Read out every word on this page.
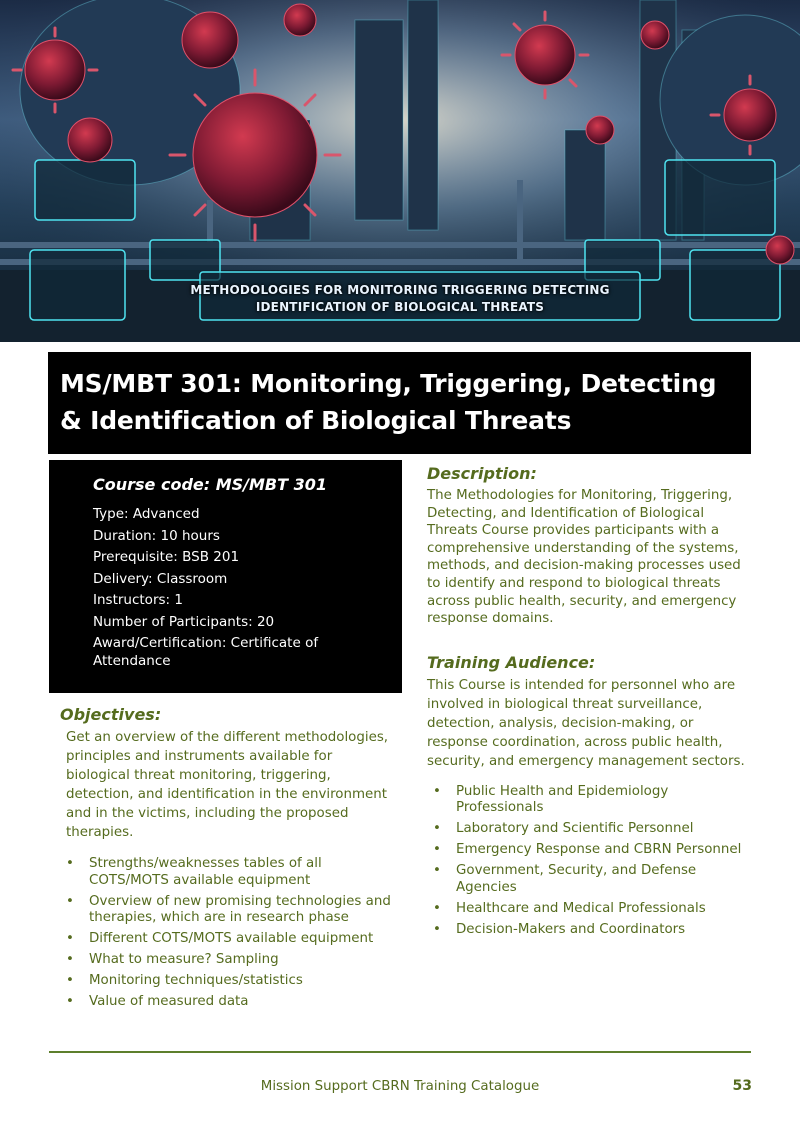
METHODOLOGIES FOR MONITORING TRIGGERING DETECTING
IDENTIFICATION OF BIOLOGICAL THREATS
MS/MBT 301: Monitoring, Triggering, Detecting
& Identification of Biological Threats
Course code: MS/MBT 301
Type: Advanced
Duration: 10 hours
Prerequisite: BSB 201
Delivery: Classroom
Instructors: 1
Number of Participants: 20
Award/Certification: Certificate of Attendance
Objectives:

Get an overview of the different methodologies, principles and instruments available for biological threat monitoring, triggering, detection, and identification in the environment and in the victims, including the proposed therapies.

• Strengths/weaknesses tables of all COTS/MOTS available equipment
• Overview of new promising technologies and therapies, which are in research phase
• Different COTS/MOTS available equipment
• What to measure? Sampling
• Monitoring techniques/statistics
• Value of measured data
Description:

The Methodologies for Monitoring, Triggering, Detecting, and Identification of Biological Threats Course provides participants with a comprehensive understanding of the systems, methods, and decision-making processes used to identify and respond to biological threats across public health, security, and emergency response domains.

Training Audience:

This Course is intended for personnel who are involved in biological threat surveillance, detection, analysis, decision-making, or response coordination, across public health, security, and emergency management sectors.

• Public Health and Epidemiology Professionals
• Laboratory and Scientific Personnel
• Emergency Response and CBRN Personnel
• Government, Security, and Defense Agencies
• Healthcare and Medical Professionals
• Decision-Makers and Coordinators
Mission Support CBRN Training Catalogue	53
